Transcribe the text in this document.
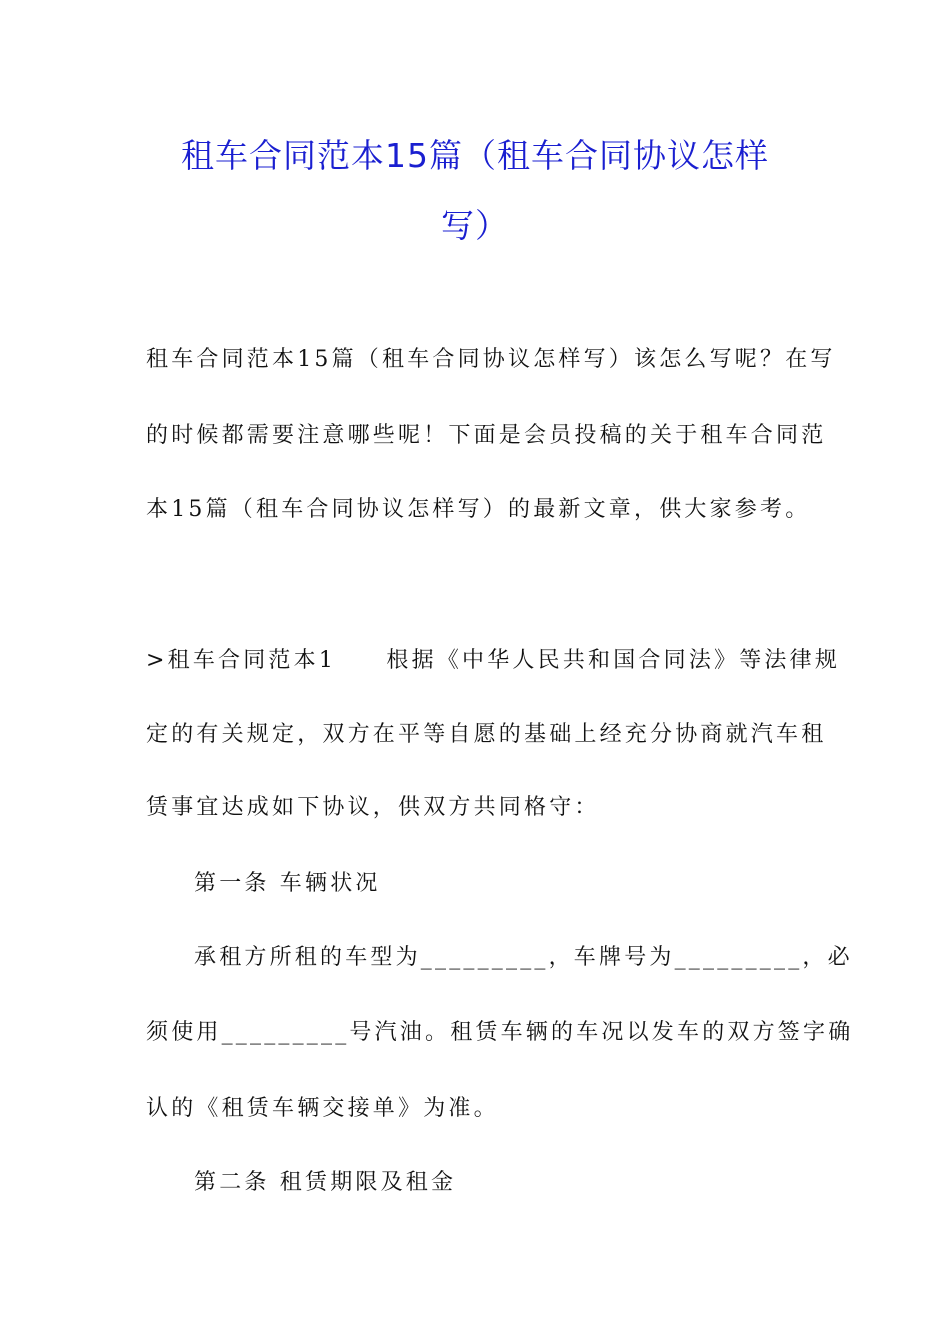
租车合同范本15篇（租车合同协议怎样
写）
租车合同范本15篇（租车合同协议怎样写）该怎么写呢？在写
的时候都需要注意哪些呢！下面是会员投稿的关于租车合同范
本15篇（租车合同协议怎样写）的最新文章，供大家参考。
>租车合同范本1　　根据《中华人民共和国合同法》等法律规
定的有关规定，双方在平等自愿的基础上经充分协商就汽车租
赁事宜达成如下协议，供双方共同格守：
第一条 车辆状况
承租方所租的车型为_________，车牌号为_________，必
须使用_________号汽油。租赁车辆的车况以发车的双方签字确
认的《租赁车辆交接单》为准。
第二条 租赁期限及租金
